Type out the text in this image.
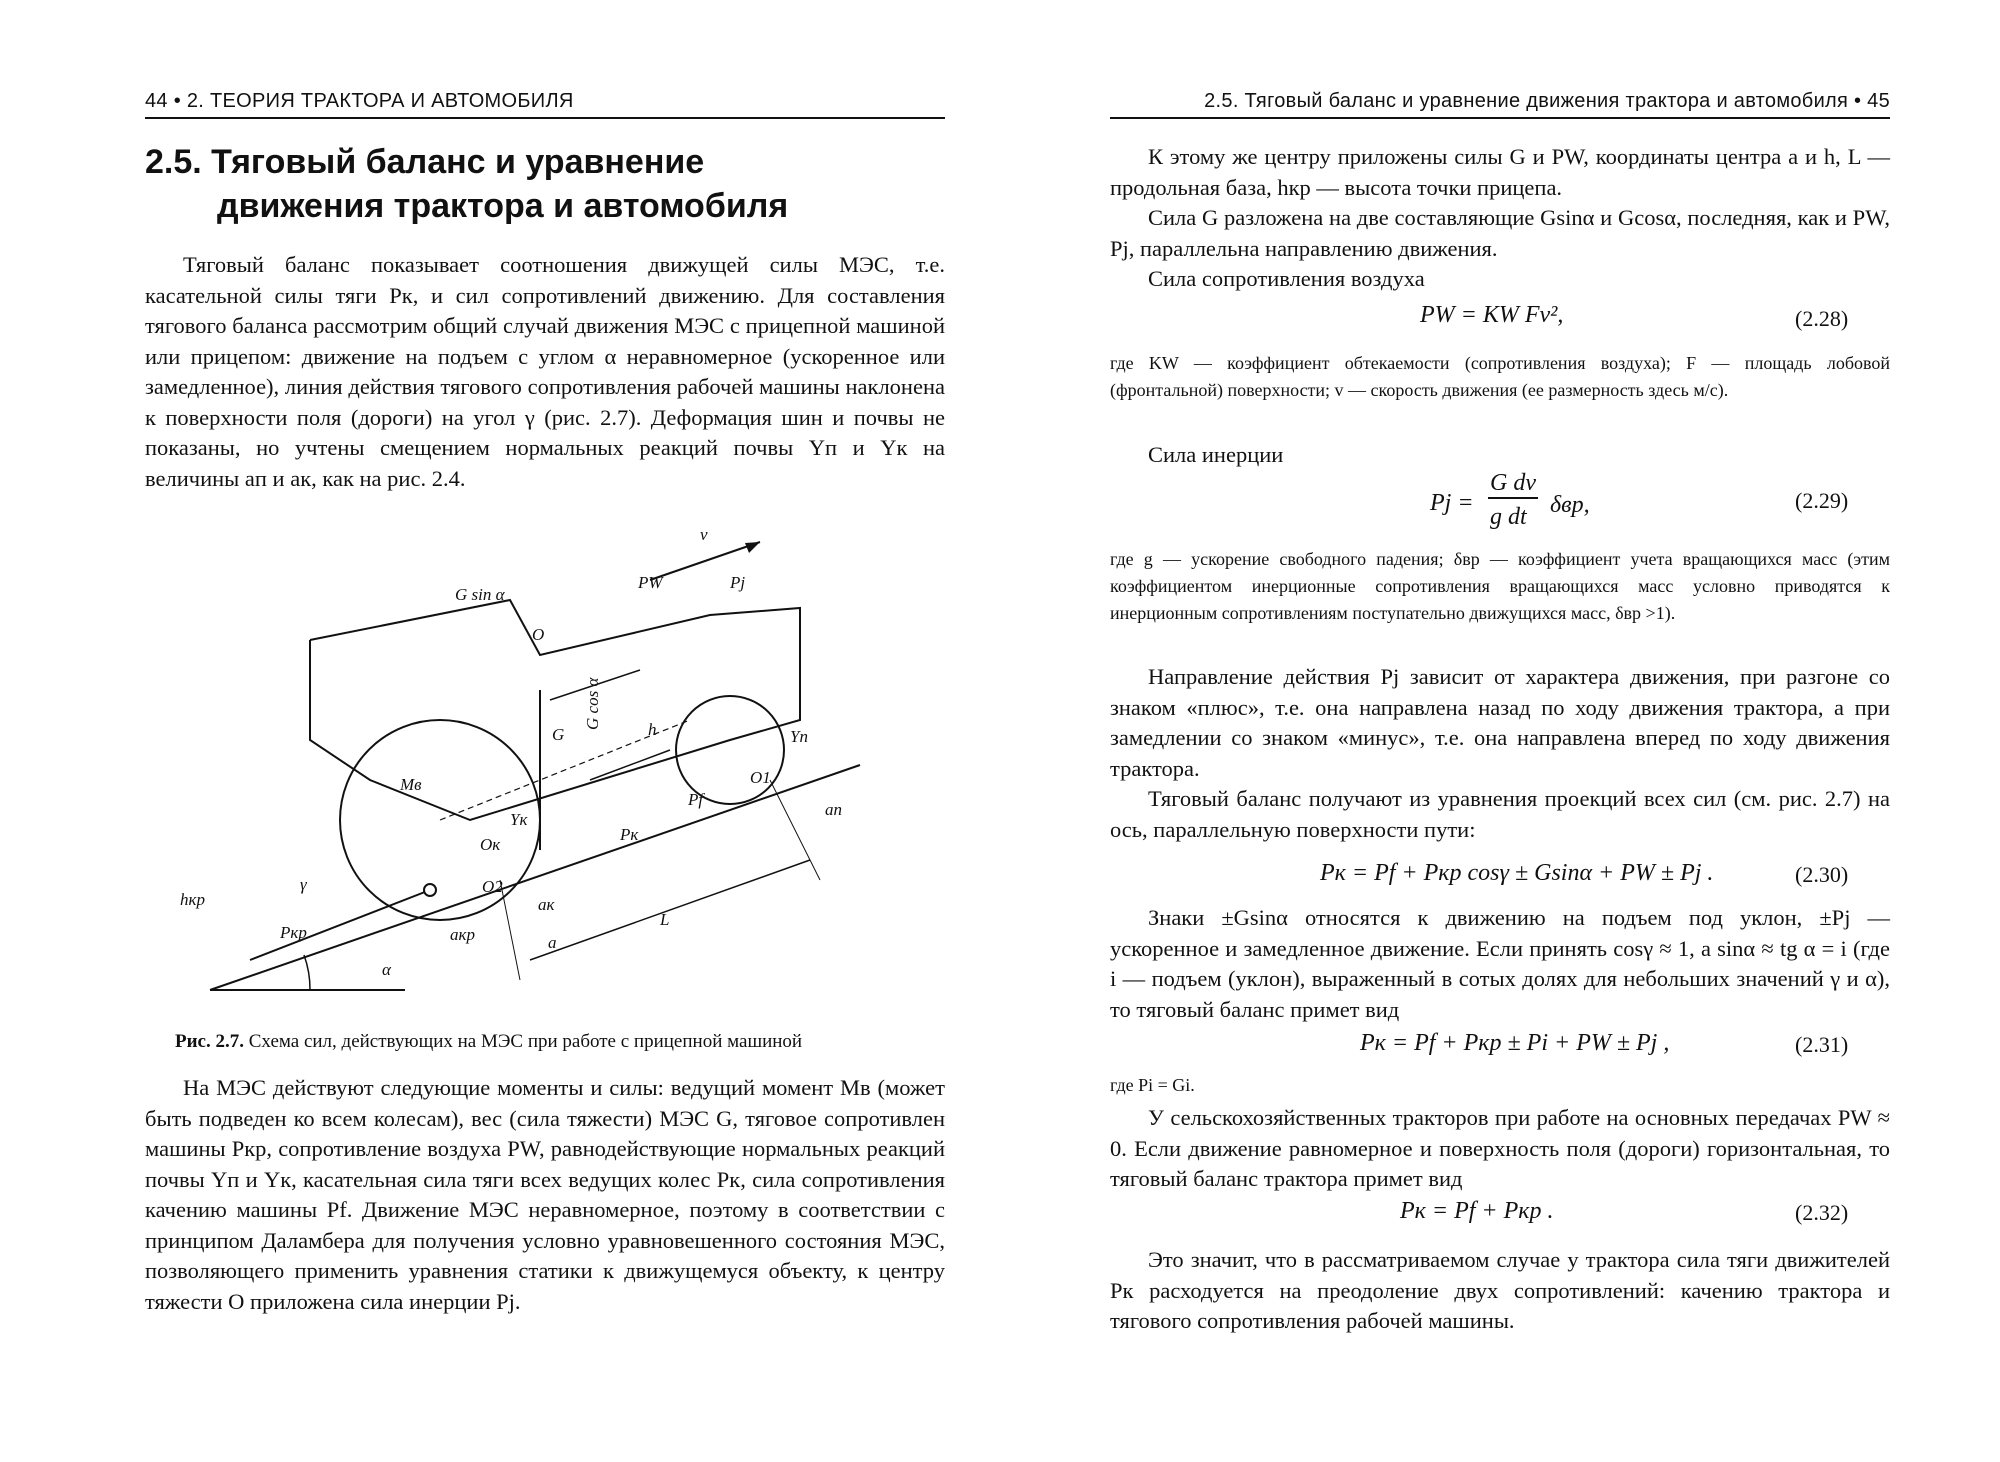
44 • 2. ТЕОРИЯ ТРАКТОРА И АВТОМОБИЛЯ
2.5. Тяговый баланс и уравнение
движения трактора и автомобиля

Тяговый баланс показывает соотношения движущей силы МЭС, т.е. касательной силы тяги Pк, и сил сопротивлений движению. Для составления тягового баланса рассмотрим общий случай движения МЭС с прицепной машиной или прицепом: движение на подъем с углом α неравномерное (ускоренное или замедленное), линия действия тягового сопротивления рабочей машины наклонена к поверхности поля (дороги) на угол γ (рис. 2.7). Деформация шин и почвы не показаны, но учтены смещением нормальных реакций почвы Yп и Yк на величины aп и aк, как на рис. 2.4.

v
G sin α
O
PW	Pj
G cos α
G	h
Mв
Yк
Oк
O2
Pк
Pf
Yп
O1
aп
hкр
γ
Pкр	aкр
aк
a
L
α
Рис. 2.7. Схема сил, действующих на МЭС при работе с прицепной машиной

На МЭС действуют следующие моменты и силы: ведущий момент Mв (может быть подведен ко всем колесам), вес (сила тяжести) МЭС G, тяговое сопротивлен машины Pкр, сопротивление воздуха PW, равнодействующие нормальных реакций почвы Yп и Yк, касательная сила тяги всех ведущих колес Pк, сила сопротивления качению машины Pf. Движение МЭС неравномерное, поэтому в соответствии с принципом Даламбера для получения условно уравновешенного состояния МЭС, позволяющего применить уравнения статики к движущемуся объекту, к центру тяжести O приложена сила инерции Pj.

2.5. Тяговый баланс и уравнение движения трактора и автомобиля • 45

К этому же центру приложены силы G и PW, координаты центра a и h, L — продольная база, hкр — высота точки прицепа.

Сила G разложена на две составляющие Gsinα и Gcosα, последняя, как и PW, Pj, параллельна направлению движения.

Сила сопротивления воздуха

PW = KW Fv²,	(2.28)

где KW — коэффициент обтекаемости (сопротивления воздуха); F — площадь лобовой (фронтальной) поверхности; v — скорость движения (ее размерность здесь м/с).

Сила инерции

Pj =
G dv
g dt δвр,	(2.29)

где g — ускорение свободного падения; δвр — коэффициент учета вращающихся масс (этим коэффициентом инерционные сопротивления вращающихся масс условно приводятся к инерционным сопротивлениям поступательно движущихся масс, δвр >1).

Направление действия Pj зависит от характера движения, при разгоне со знаком «плюс», т.е. она направлена назад по ходу движения трактора, а при замедлении со знаком «минус», т.е. она направлена вперед по ходу движения трактора.

Тяговый баланс получают из уравнения проекций всех сил (см. рис. 2.7) на ось, параллельную поверхности пути:

Pк = Pf + Pкр cosγ ± Gsinα + PW ± Pj .	(2.30)

Знаки ±Gsinα относятся к движению на подъем под уклон, ±Pj — ускоренное и замедленное движение. Если принять cosγ ≈ 1, а sinα ≈ tg α = i (где i — подъем (уклон), выраженный в сотых долях для небольших значений γ и α), то тяговый баланс примет вид

Pк = Pf + Pкр ± Pi + PW ± Pj ,	(2.31)

где Pi = Gi.

У сельскохозяйственных тракторов при работе на основных передачах PW ≈ 0. Если движение равномерное и поверхность поля (дороги) горизонтальная, то тяговый баланс трактора примет вид

Pк = Pf + Pкр .	(2.32)

Это значит, что в рассматриваемом случае у трактора сила тяги движителей Pк расходуется на преодоление двух сопротивлений: качению трактора и тягового сопротивления рабочей машины.
